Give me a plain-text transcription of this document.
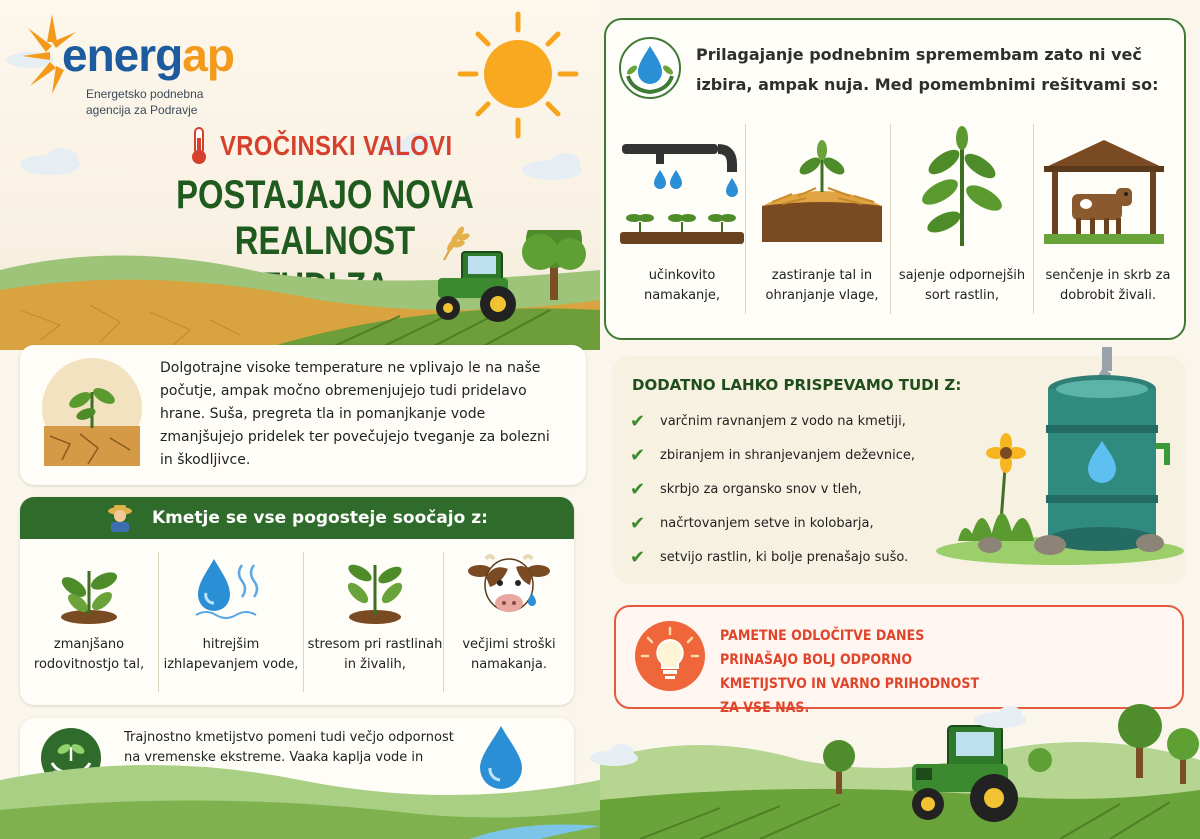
energap
Energetsko podnebna agencija za Podravje
VROČINSKI VALOVI
POSTAJAJO NOVA REALNOST
Dolgotrajne visoke temperature ne vplivajo le na naše počutje, ampak močno obremenjujejo tudi pridelavo hrane. Suša, pregreta tla in pomanjkanje vode zmanjšujejo pridelek ter povečujejo tveganje za bolezni in škodljivce.
Kmetje se vse pogosteje soočajo z:
zmanjšano rodovitnostjo tal,
hitrejšim izhlapevanjem vode,
stresom pri rastlinah in živalih,
večjimi stroški namakanja.
Trajnostno kmetijstvo pomeni tudi večjo odpornost na vremenske ekstreme. Vaaka kaplja vode in
Prilagajanje podnebnim spremembam zato ni več izbira, ampak nuja. Med pomembnimi rešitvami so:
učinkovito namakanje,
zastiranje tal in ohranjanje vlage,
sajenje odpornejših sort rastlin,
senčenje in skrb za dobrobit živali.
DODATNO LAHKO PRISPEVAMO TUDI Z:
✔	varčnim ravnanjem z vodo na kmetiji,
✔	zbiranjem in shranjevanjem deževnice,
✔	skrbjo za organsko snov v tleh,
✔	načrtovanjem setve in kolobarja,
✔	setvijo rastlin, ki bolje prenašajo sušo.
PAMETNE ODLOČITVE DANES PRINAŠAJO BOLJ ODPORNO KMETIJSTVO IN VARNO PRIHODNOST ZA VSE NAS.
